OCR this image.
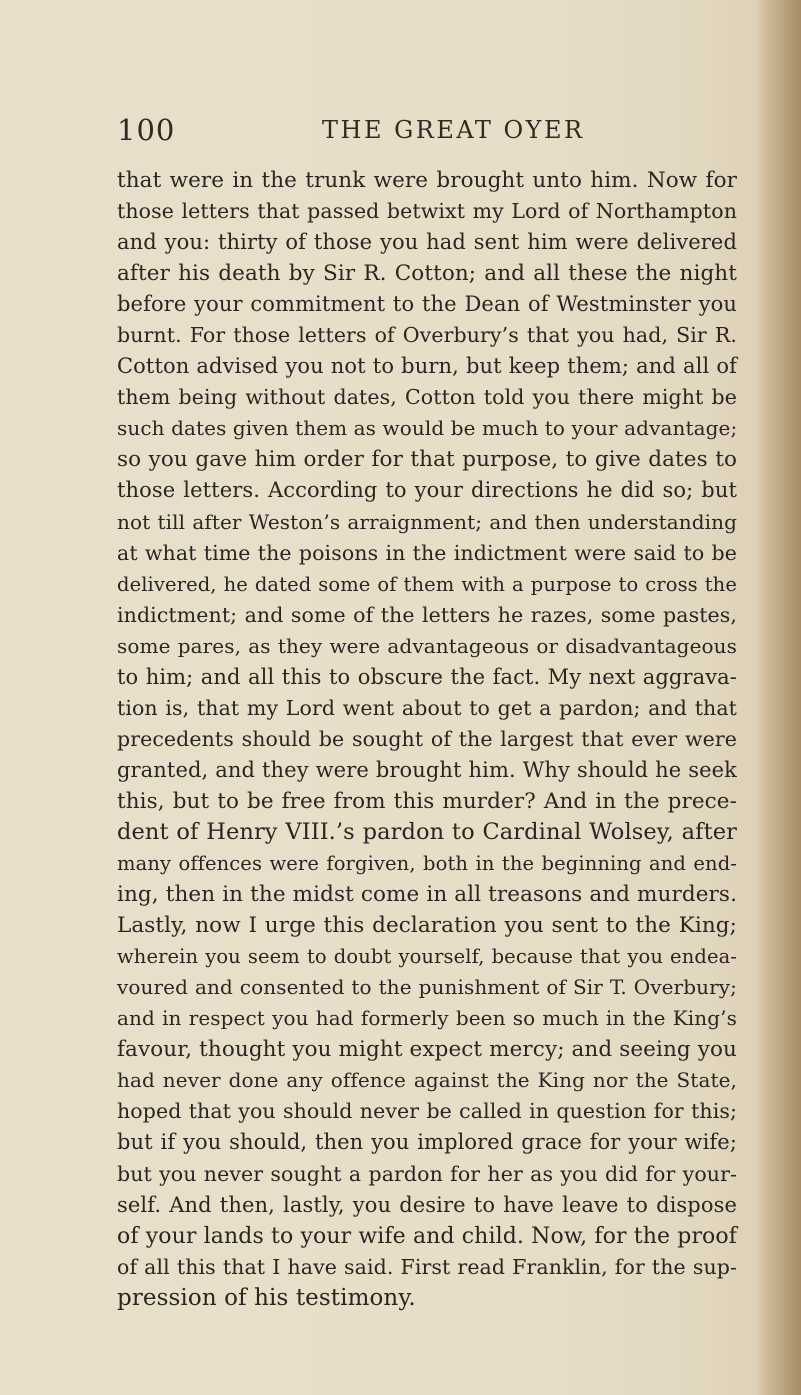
100	THE GREAT OYER
that were in the trunk were brought unto him. Now for
those letters that passed betwixt my Lord of Northampton
and you: thirty of those you had sent him were delivered
after his death by Sir R. Cotton; and all these the night
before your commitment to the Dean of Westminster you
burnt. For those letters of Overbury’s that you had, Sir R.
Cotton advised you not to burn, but keep them; and all of
them being without dates, Cotton told you there might be
such dates given them as would be much to your advantage;
so you gave him order for that purpose, to give dates to
those letters. According to your directions he did so; but
not till after Weston’s arraignment; and then understanding
at what time the poisons in the indictment were said to be
delivered, he dated some of them with a purpose to cross the
indictment; and some of the letters he razes, some pastes,
some pares, as they were advantageous or disadvantageous
to him; and all this to obscure the fact. My next aggrava-
tion is, that my Lord went about to get a pardon; and that
precedents should be sought of the largest that ever were
granted, and they were brought him. Why should he seek
this, but to be free from this murder? And in the prece-
dent of Henry VIII.’s pardon to Cardinal Wolsey, after
many offences were forgiven, both in the beginning and end-
ing, then in the midst come in all treasons and murders.
Lastly, now I urge this declaration you sent to the King;
wherein you seem to doubt yourself, because that you endea-
voured and consented to the punishment of Sir T. Overbury;
and in respect you had formerly been so much in the King’s
favour, thought you might expect mercy; and seeing you
had never done any offence against the King nor the State,
hoped that you should never be called in question for this;
but if you should, then you implored grace for your wife;
but you never sought a pardon for her as you did for your-
self. And then, lastly, you desire to have leave to dispose
of your lands to your wife and child. Now, for the proof
of all this that I have said. First read Franklin, for the sup-
pression of his testimony.
